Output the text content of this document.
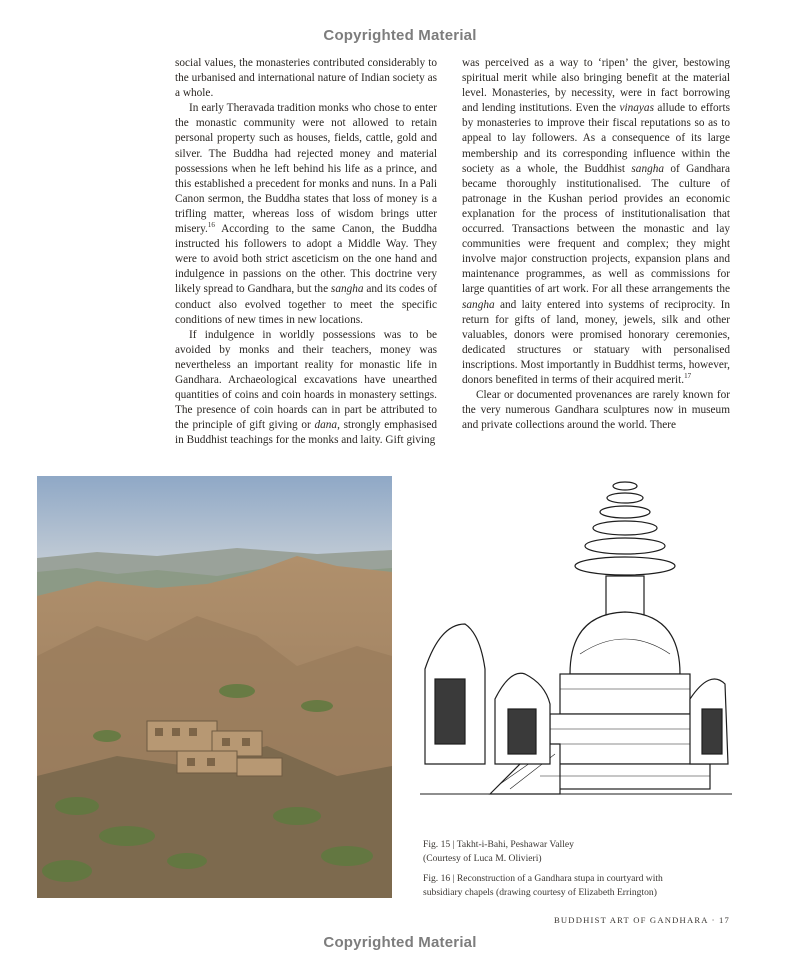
Copyrighted Material

social values, the monasteries contributed considerably to the urbanised and international nature of Indian society as a whole.

In early Theravada tradition monks who chose to enter the monastic community were not allowed to retain personal property such as houses, fields, cattle, gold and silver. The Buddha had rejected money and material possessions when he left behind his life as a prince, and this established a precedent for monks and nuns. In a Pali Canon sermon, the Buddha states that loss of money is a trifling matter, whereas loss of wisdom brings utter misery.$^{16}$ According to the same Canon, the Buddha instructed his followers to adopt a Middle Way. They were to avoid both strict asceticism on the one hand and indulgence in passions on the other. This doctrine very likely spread to Gandhara, but the sangha and its codes of conduct also evolved together to meet the specific conditions of new times in new locations.

If indulgence in worldly possessions was to be avoided by monks and their teachers, money was nevertheless an important reality for monastic life in Gandhara. Archaeological excavations have unearthed quantities of coins and coin hoards in monastery settings. The presence of coin hoards can in part be attributed to the principle of gift giving or dana, strongly emphasised in Buddhist teachings for the monks and laity. Gift giving

was perceived as a way to ‘ripen’ the giver, bestowing spiritual merit while also bringing benefit at the material level. Monasteries, by necessity, were in fact borrowing and lending institutions. Even the vinayas allude to efforts by monasteries to improve their fiscal reputations so as to appeal to lay followers. As a consequence of its large membership and its corresponding influence within the society as a whole, the Buddhist sangha of Gandhara became thoroughly institutionalised. The culture of patronage in the Kushan period provides an economic explanation for the process of institutionalisation that occurred. Transactions between the monastic and lay communities were frequent and complex; they might involve major construction projects, expansion plans and maintenance programmes, as well as commissions for large quantities of art work. For all these arrangements the sangha and laity entered into systems of reciprocity. In return for gifts of land, money, jewels, silk and other valuables, donors were promised honorary ceremonies, dedicated structures or statuary with personalised inscriptions. Most importantly in Buddhist terms, however, donors benefited in terms of their acquired merit.$^{17}$

Clear or documented provenances are rarely known for the very numerous Gandhara sculptures now in museum and private collections around the world. There

Fig. 15 | Takht-i-Bahi, Peshawar Valley
(Courtesy of Luca M. Olivieri)
Fig. 16 | Reconstruction of a Gandhara stupa in courtyard with
subsidiary chapels (drawing courtesy of Elizabeth Errington)
BUDDHIST ART OF GANDHARA · 17
Copyrighted Material
